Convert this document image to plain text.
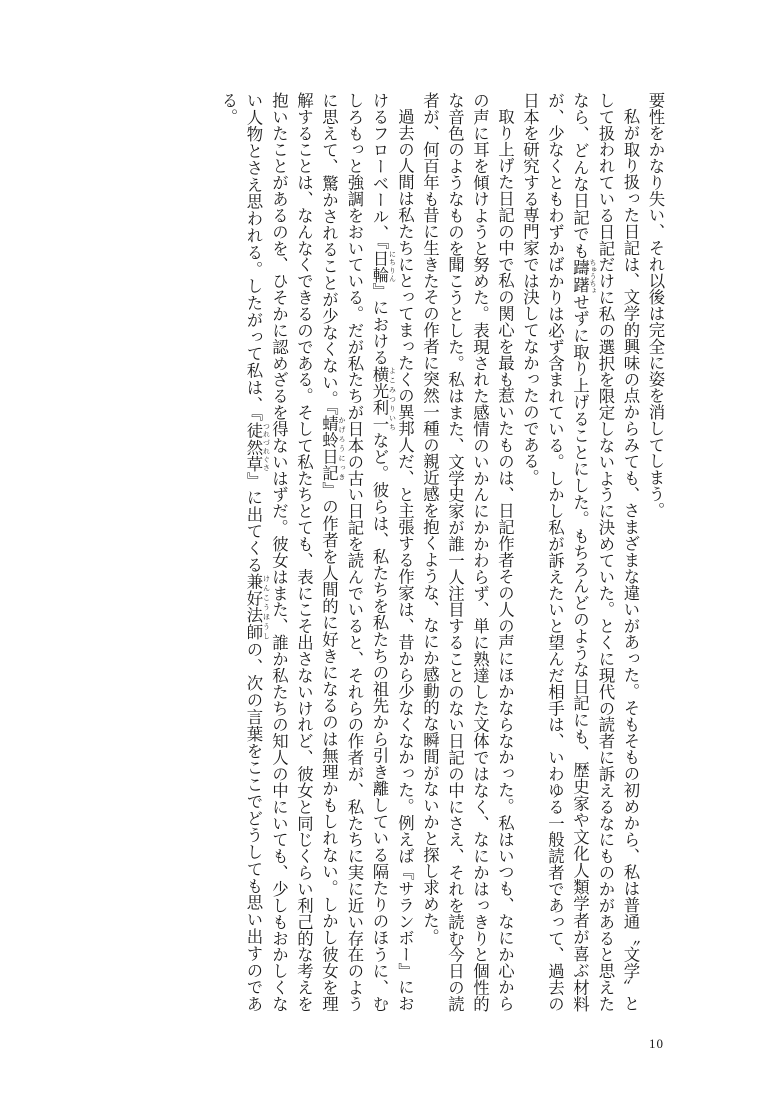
要性をかなり失い、それ以後は完全に姿を消してしまう。

私が取り扱った日記は、文学的興味の点からみても、さまざまな違いがあった。そもそもの初めから、私は普通〝文学〟として扱われている日記だけに私の選択を限定しないように決めていた。とくに現代の読者に訴えるなにものかがあると思えたなら、どんな日記でも躊躇 ちゅうちょせずに取り上げることにした。もちろんどのような日記にも、歴史家や文化人類学者が喜ぶ材料が、少なくともわずかばかりは必ず含まれている。しかし私が訴えたいと望んだ相手は、いわゆる一般読者であって、過去の日本を研究する専門家では決してなかったのである。

取り上げた日記の中で私の関心を最も惹いたものは、日記作者その人の声にほかならなかった。私はいつも、なにか心からの声に耳を傾けようと努めた。表現された感情のいかんにかかわらず、単に熟達した文体ではなく、なにかはっきりと個性的な音色のようなものを聞こうとした。私はまた、文学史家が誰一人注目することのない日記の中にさえ、それを読む今日の読者が、何百年も昔に生きたその作者に突然一種の親近感を抱くような、なにか感動的な瞬間がないかと探し求めた。

過去の人間は私たちにとってまったくの異邦人だ、と主張する作家は、昔から少なくなかった。例えば『サランボー』におけるフローベール、『日輪 にちりん』における横光利一 よこみつりいちなど。彼らは、私たちを私たちの祖先から引き離している隔たりのほうに、むしろもっと強調をおいている。だが私たちが日本の古い日記を読んでいると、それらの作者が、私たちに実に近い存在のように思えて、驚かされることが少なくない。『蜻蛉日記 かげろうにっき』の作者を人間的に好きになるのは無理かもしれない。しかし彼女を理解することは、なんなくできるのである。そして私たちとても、表にこそ出さないけれど、彼女と同じくらい利己的な考えを抱いたことがあるのを、ひそかに認めざるを得ないはずだ。彼女はまた、誰か私たちの知人の中にいても、少しもおかしくない人物とさえ思われる。したがって私は、『徒然草 つれづれぐさ』に出てくる兼好法師 けんこうほうしの、次の言葉をここでどうしても思い出すのである。

10
